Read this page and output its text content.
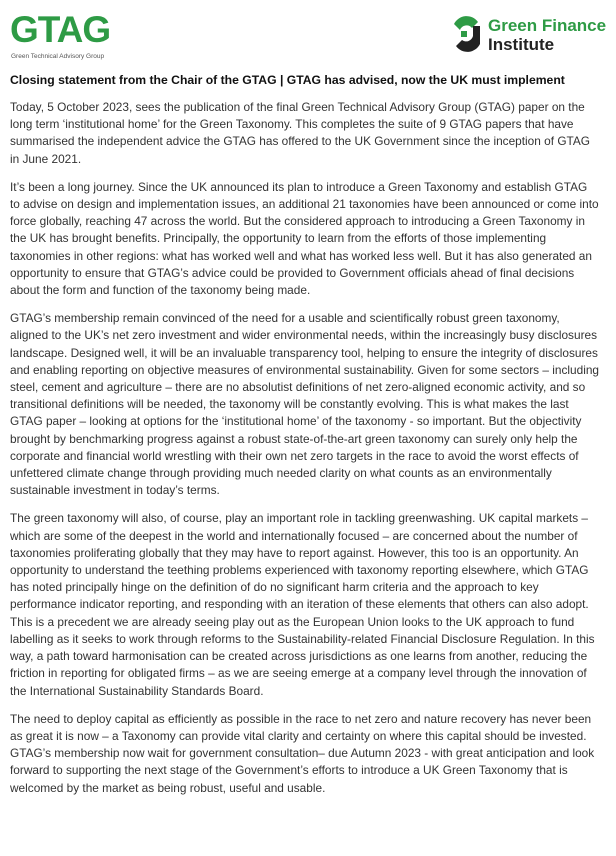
GTAG
Green Technical Advisory Group
Green Finance
Institute
Closing statement from the Chair of the GTAG | GTAG has advised, now the UK must implement

Today, 5 October 2023, sees the publication of the final Green Technical Advisory Group (GTAG) paper on the long term ‘institutional home’ for the Green Taxonomy. This completes the suite of 9 GTAG papers that have summarised the independent advice the GTAG has offered to the UK Government since the inception of GTAG in June 2021.

It’s been a long journey. Since the UK announced its plan to introduce a Green Taxonomy and establish GTAG to advise on design and implementation issues, an additional 21 taxonomies have been announced or come into force globally, reaching 47 across the world. But the considered approach to introducing a Green Taxonomy in the UK has brought benefits. Principally, the opportunity to learn from the efforts of those implementing taxonomies in other regions: what has worked well and what has worked less well. But it has also generated an opportunity to ensure that GTAG’s advice could be provided to Government officials ahead of final decisions about the form and function of the taxonomy being made.

GTAG’s membership remain convinced of the need for a usable and scientifically robust green taxonomy, aligned to the UK’s net zero investment and wider environmental needs, within the increasingly busy disclosures landscape. Designed well, it will be an invaluable transparency tool, helping to ensure the integrity of disclosures and enabling reporting on objective measures of environmental sustainability. Given for some sectors – including steel, cement and agriculture – there are no absolutist definitions of net zero-aligned economic activity, and so transitional definitions will be needed, the taxonomy will be constantly evolving. This is what makes the last GTAG paper – looking at options for the ‘institutional home’ of the taxonomy - so important. But the objectivity brought by benchmarking progress against a robust state-of-the-art green taxonomy can surely only help the corporate and financial world wrestling with their own net zero targets in the race to avoid the worst effects of unfettered climate change through providing much needed clarity on what counts as an environmentally sustainable investment in today’s terms.

The green taxonomy will also, of course, play an important role in tackling greenwashing. UK capital markets – which are some of the deepest in the world and internationally focused – are concerned about the number of taxonomies proliferating globally that they may have to report against. However, this too is an opportunity. An opportunity to understand the teething problems experienced with taxonomy reporting elsewhere, which GTAG has noted principally hinge on the definition of do no significant harm criteria and the approach to key performance indicator reporting, and responding with an iteration of these elements that others can also adopt. This is a precedent we are already seeing play out as the European Union looks to the UK approach to fund labelling as it seeks to work through reforms to the Sustainability-related Financial Disclosure Regulation. In this way, a path toward harmonisation can be created across jurisdictions as one learns from another, reducing the friction in reporting for obligated firms – as we are seeing emerge at a company level through the innovation of the International Sustainability Standards Board.

The need to deploy capital as efficiently as possible in the race to net zero and nature recovery has never been as great it is now – a Taxonomy can provide vital clarity and certainty on where this capital should be invested. GTAG’s membership now wait for government consultation– due Autumn 2023 - with great anticipation and look forward to supporting the next stage of the Government’s efforts to introduce a UK Green Taxonomy that is welcomed by the market as being robust, useful and usable.
